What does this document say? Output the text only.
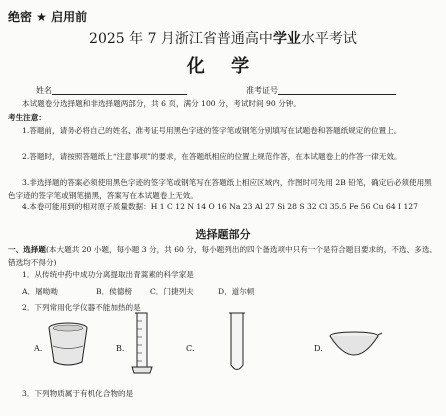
绝密 ★ 启用前
2025 年 7 月浙江省普通高中学业水平考试
化 学
姓名	准考证号
本试题卷分选择题和非选择题两部分，共 6 页，满分 100 分，考试时间 90 分钟。
考生注意：
1.答题前，请务必将自己的姓名、准考证号用黑色字迹的签字笔或钢笔分别填写在试题卷和答题纸规定的位置上。
2.答题时，请按照答题纸上“注意事项”的要求，在答题纸相应的位置上规范作答，在本试题卷上的作答一律无效。
3.非选择题的答案必须使用黑色字迹的签字笔或钢笔写在答题纸上相应区域内，作图时可先用 2B 铅笔，确定后必须使用黑色字迹的签字笔或钢笔描黑，答案写在本试题卷上无效。
4.本卷可能用到的相对原子质量数据：H 1 C 12 N 14 O 16 Na 23 Al 27 Si 28 S 32 Cl 35.5 Fe 56 Cu 64 I 127
选择题部分
一、选择题(本大题共 20 小题，每小题 3 分，共 60 分，每小题列出的四个备选项中只有一个是符合题目要求的，不选、多选、错选均不得分)
1．从传统中药中成功分离提取出青蒿素的科学家是
A．屠呦呦	B．侯德榜 C．门捷列夫	D．道尔顿
2．下列常用化学仪器不能加热的是
A.	B.	C.	D.
3．下列物质属于有机化合物的是
